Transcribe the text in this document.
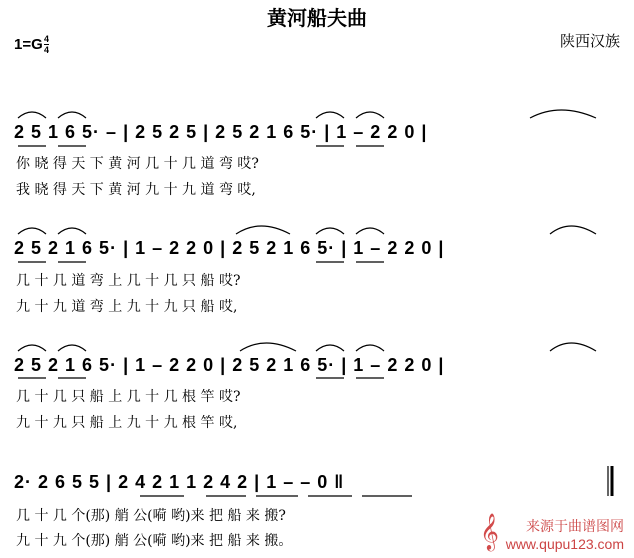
黄河船夫曲
1=G 4
4	陕西汉族
2 5 1 6 5· – | 2 5 2 5 | 2 5 2 1 6 5· | 1 – 2 2 0 |
你 晓 得 天 下 黄 河 几 十 几 道 弯 哎?
我 晓 得 天 下 黄 河 九 十 九 道 弯 哎,
2 5 2 1 6 5· | 1 – 2 2 0 | 2 5 2 1 6 5· | 1 – 2 2 0 |
几 十 几 道 弯 上 几 十 几 只 船 哎?
九 十 九 道 弯 上 九 十 九 只 船 哎,
2 5 2 1 6 5· | 1 – 2 2 0 | 2 5 2 1 6 5· | 1 – 2 2 0 |
几 十 几 只 船 上 几 十 几 根 竿 哎?
九 十 九 只 船 上 九 十 九 根 竿 哎,
2· 2 6 5 5 | 2 4 2 1 1 2 4 2 | 1 – – 0 ‖
几 十 几 个(那) 艄 公(嗬 哟)来 把 船 来 搬?
九 十 九 个(那) 艄 公(嗬 哟)来 把 船 来 搬。	𝄞 来源于曲谱图网
www.qupu123.com
